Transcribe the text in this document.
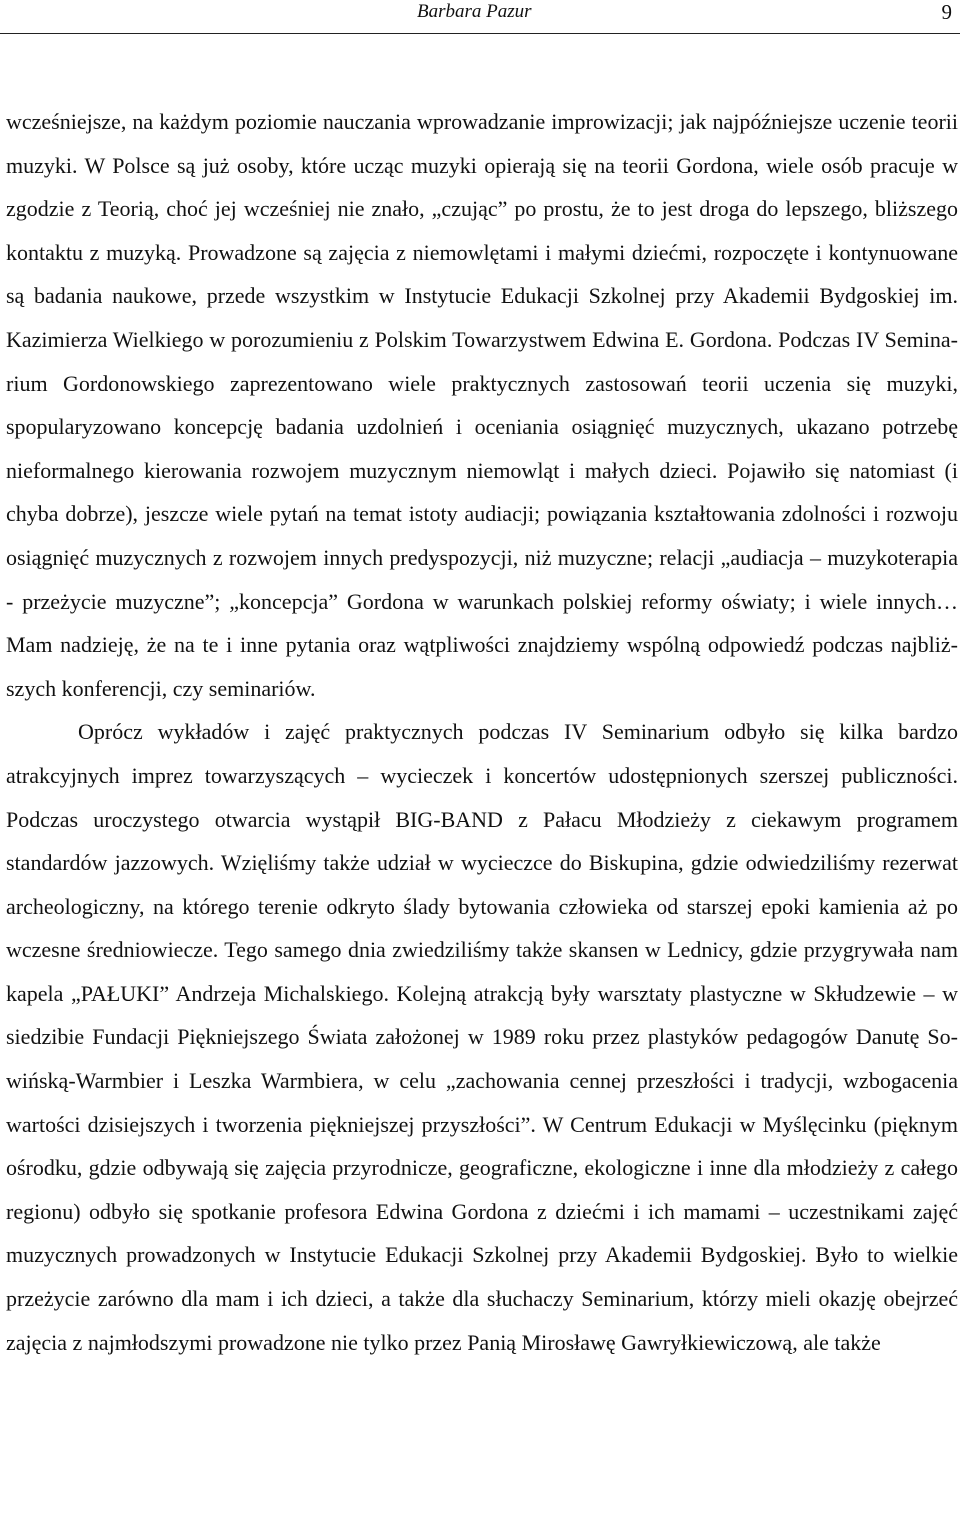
Barbara Pazur	9

wcześniejsze, na każdym poziomie nauczania wprowadzanie improwizacji; jak najpóźniejsze uczenie teorii muzyki. W Polsce są już osoby, które ucząc muzyki opierają się na teorii Gordona, wiele osób pracuje w zgodzie z Teorią, choć jej wcześniej nie znało, „czując” po prostu, że to jest droga do lepszego, bliższego kontaktu z muzyką. Prowadzone są zajęcia z niemowlętami i małymi dziećmi, rozpoczęte i kontynuowane są badania naukowe, przede wszystkim w Instytucie Edukacji Szkolnej przy Akademii Bydgoskiej im. Kazimierza Wielkiego w porozumieniu z Polskim Towarzystwem Edwina E. Gordona. Podczas IV Seminarium Gordonowskiego zaprezentowano wiele praktycznych zastosowań teorii uczenia się muzyki, spopularyzowano koncepcję badania uzdolnień i oceniania osiągnięć muzycznych, ukazano potrzebę nieformalnego kierowania rozwojem muzycznym niemowląt i małych dzieci. Pojawiło się natomiast (i chyba dobrze), jeszcze wiele pytań na temat istoty audiacji; powiązania kształtowania zdolności i rozwoju osiągnięć muzycznych z rozwojem innych predyspozycji, niż muzyczne; relacji „audiacja – muzykoterapia - przeżycie muzyczne”; „koncepcja” Gordona w warunkach polskiej reformy oświaty; i wiele innych… Mam nadzieję, że na te i inne pytania oraz wątpliwości znajdziemy wspólną odpowiedź podczas najbliższych konferencji, czy seminariów.

Oprócz wykładów i zajęć praktycznych podczas IV Seminarium odbyło się kilka bardzo atrakcyjnych imprez towarzyszących – wycieczek i koncertów udostępnionych szerszej publiczności. Podczas uroczystego otwarcia wystąpił BIG-BAND z Pałacu Młodzieży z ciekawym programem standardów jazzowych. Wzięliśmy także udział w wycieczce do Biskupina, gdzie odwiedziliśmy rezerwat archeologiczny, na którego terenie odkryto ślady bytowania człowieka od starszej epoki kamienia aż po wczesne średniowiecze. Tego samego dnia zwiedziliśmy także skansen w Lednicy, gdzie przygrywała nam kapela „PAŁUKI” Andrzeja Michalskiego. Kolejną atrakcją były warsztaty plastyczne w Skłudzewie – w siedzibie Fundacji Piękniejszego Świata założonej w 1989 roku przez plastyków pedagogów Danutę Sowińską-Warmbier i Leszka Warmbiera, w celu „zachowania cennej przeszłości i tradycji, wzbogacenia wartości dzisiejszych i tworzenia piękniejszej przyszłości”. W Centrum Edukacji w Myślęcinku (pięknym ośrodku, gdzie odbywają się zajęcia przyrodnicze, geograficzne, ekologiczne i inne dla młodzieży z całego regionu) odbyło się spotkanie profesora Edwina Gordona z dziećmi i ich mamami – uczestnikami zajęć muzycznych prowadzonych w Instytucie Edukacji Szkolnej przy Akademii Bydgoskiej. Było to wielkie przeżycie zarówno dla mam i ich dzieci, a także dla słuchaczy Seminarium, którzy mieli okazję obejrzeć zajęcia z najmłodszymi prowadzone nie tylko przez Panią Mirosławę Gawryłkiewiczową, ale także
